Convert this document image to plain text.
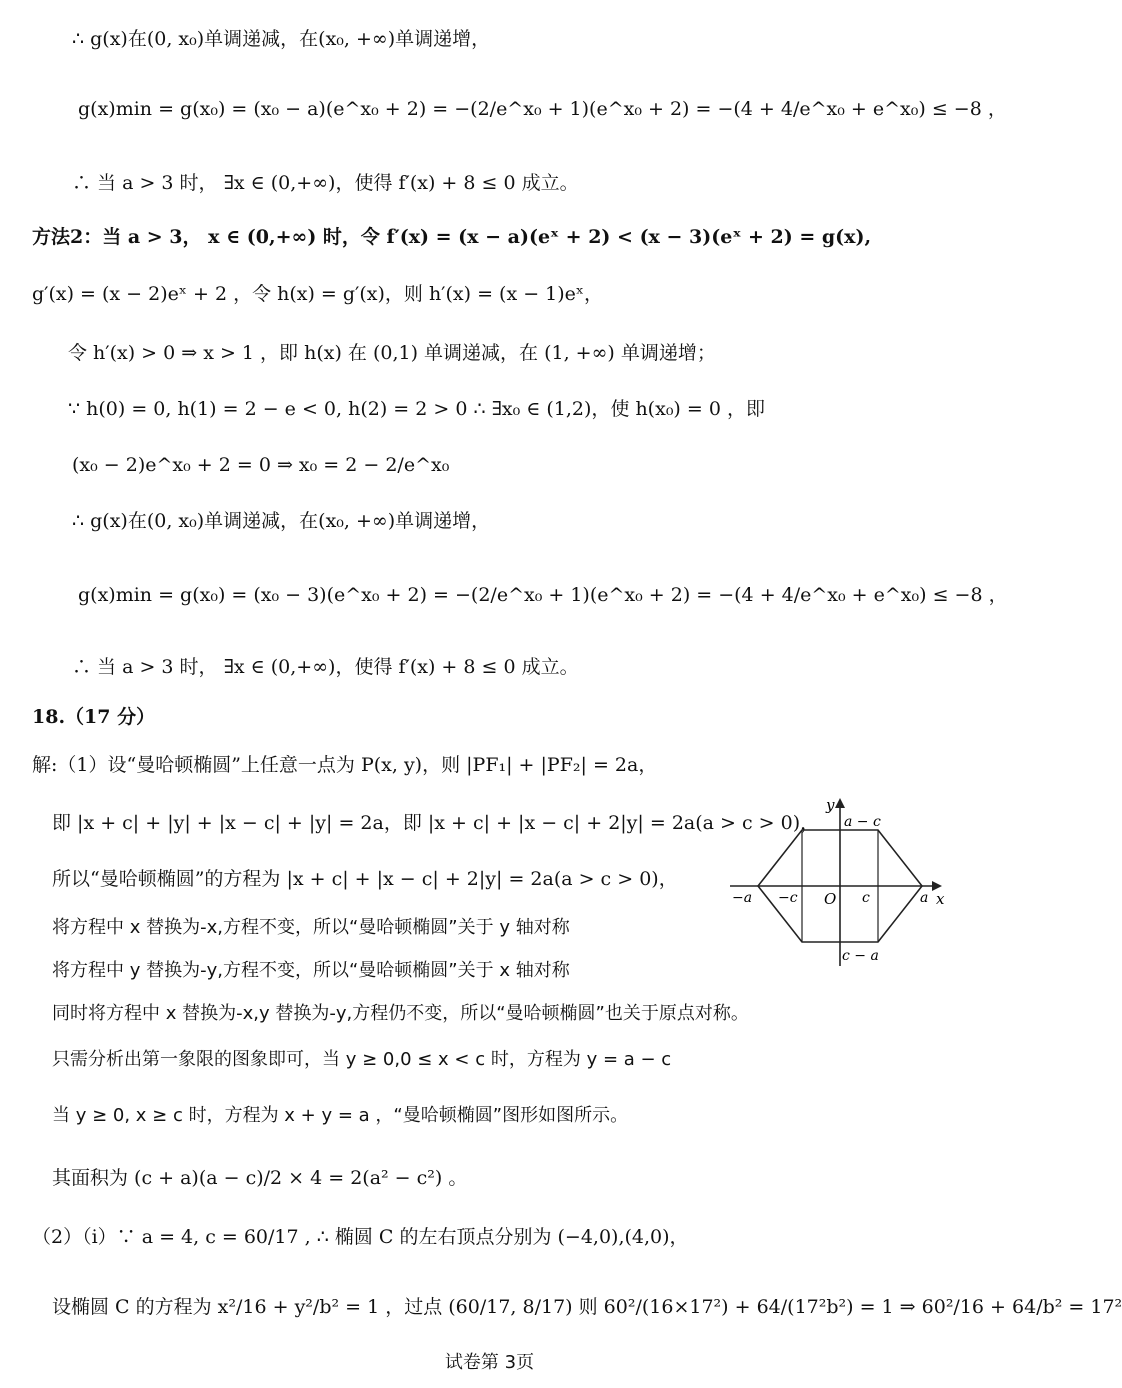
∴ g(x)在(0, x₀)单调递减，在(x₀, +∞)单调递增，
g(x)min = g(x₀) = (x₀ − a)(e^x₀ + 2) = −(2/e^x₀ + 1)(e^x₀ + 2) = −(4 + 4/e^x₀ + e^x₀) ≤ −8 ，
∴ 当 a > 3 时， ∃x ∈ (0,+∞)，使得 f′(x) + 8 ≤ 0 成立。
方法2：当 a > 3， x ∈ (0,+∞) 时，令 f′(x) = (x − a)(eˣ + 2) < (x − 3)(eˣ + 2) = g(x),
g′(x) = (x − 2)eˣ + 2 ，令 h(x) = g′(x)，则 h′(x) = (x − 1)eˣ，
令 h′(x) > 0 ⇒ x > 1 ，即 h(x) 在 (0,1) 单调递减，在 (1, +∞) 单调递增；
∵ h(0) = 0, h(1) = 2 − e < 0, h(2) = 2 > 0 ∴ ∃x₀ ∈ (1,2)，使 h(x₀) = 0 ，即
(x₀ − 2)e^x₀ + 2 = 0 ⇒ x₀ = 2 − 2/e^x₀
∴ g(x)在(0, x₀)单调递减，在(x₀, +∞)单调递增，
g(x)min = g(x₀) = (x₀ − 3)(e^x₀ + 2) = −(2/e^x₀ + 1)(e^x₀ + 2) = −(4 + 4/e^x₀ + e^x₀) ≤ −8 ，
∴ 当 a > 3 时， ∃x ∈ (0,+∞)，使得 f′(x) + 8 ≤ 0 成立。
18.（17 分）
解:（1）设“曼哈顿椭圆”上任意一点为 P(x, y)，则 |PF₁| + |PF₂| = 2a，
即 |x + c| + |y| + |x − c| + |y| = 2a，即 |x + c| + |x − c| + 2|y| = 2a(a > c > 0)，
所以“曼哈顿椭圆”的方程为 |x + c| + |x − c| + 2|y| = 2a(a > c > 0)，
将方程中 x 替换为-x,方程不变，所以“曼哈顿椭圆”关于 y 轴对称
将方程中 y 替换为-y,方程不变，所以“曼哈顿椭圆”关于 x 轴对称
同时将方程中 x 替换为-x,y 替换为-y,方程仍不变，所以“曼哈顿椭圆”也关于原点对称。
只需分析出第一象限的图象即可，当 y ≥ 0,0 ≤ x < c 时，方程为 y = a − c
当 y ≥ 0, x ≥ c 时，方程为 x + y = a ，“曼哈顿椭圆”图形如图所示。
其面积为 (c + a)(a − c)/2 × 4 = 2(a² − c²) 。
（2）（i）∵ a = 4, c = 60/17 , ∴ 椭圆 C 的左右顶点分别为 (−4,0),(4,0)，
设椭圆 C 的方程为 x²/16 + y²/b² = 1 ，过点 (60/17, 8/17) 则 60²/(16×17²) + 64/(17²b²) = 1 ⇒ 60²/16 + 64/b² = 17²
y
x
O
a − c
c − a
−a	a
−c	c
试卷第 3页
